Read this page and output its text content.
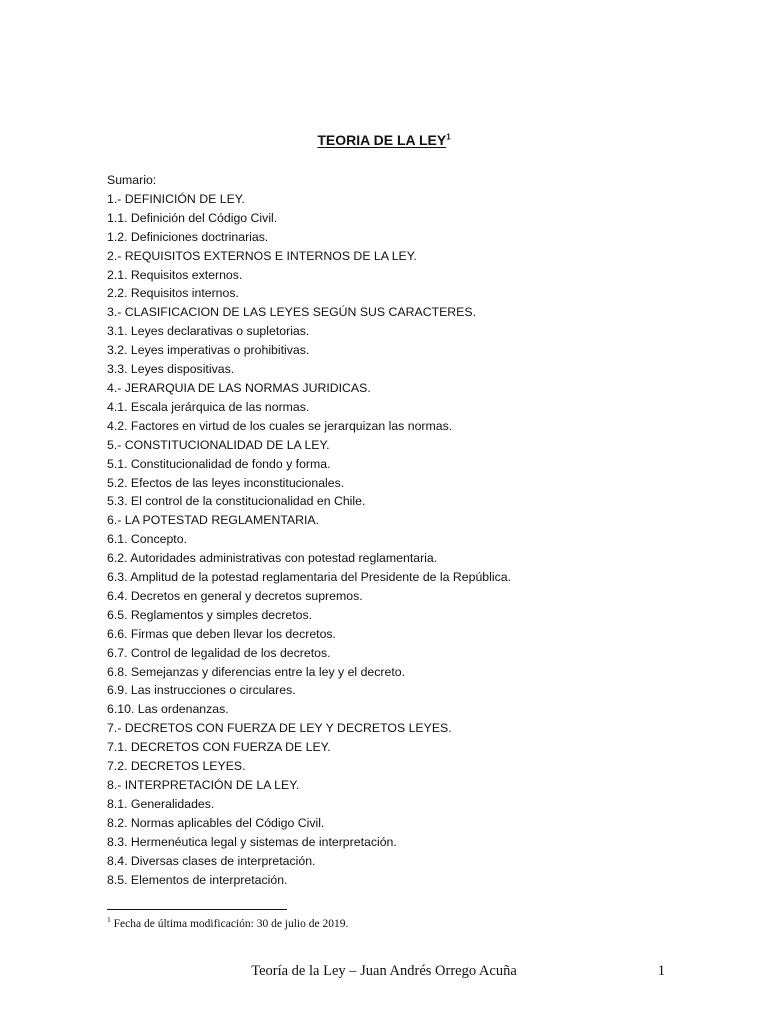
TEORIA DE LA LEY$^1$
Sumario:
1.- DEFINICIÓN DE LEY.
1.1. Definición del Código Civil.
1.2. Definiciones doctrinarias.
2.- REQUISITOS EXTERNOS E INTERNOS DE LA LEY.
2.1. Requisitos externos.
2.2. Requisitos internos.
3.- CLASIFICACION DE LAS LEYES SEGÚN SUS CARACTERES.
3.1. Leyes declarativas o supletorias.
3.2. Leyes imperativas o prohibitivas.
3.3. Leyes dispositivas.
4.- JERARQUIA DE LAS NORMAS JURIDICAS.
4.1. Escala jerárquica de las normas.
4.2. Factores en virtud de los cuales se jerarquizan las normas.
5.- CONSTITUCIONALIDAD DE LA LEY.
5.1. Constitucionalidad de fondo y forma.
5.2. Efectos de las leyes inconstitucionales.
5.3. El control de la constitucionalidad en Chile.
6.- LA POTESTAD REGLAMENTARIA.
6.1. Concepto.
6.2. Autoridades administrativas con potestad reglamentaria.
6.3. Amplitud de la potestad reglamentaria del Presidente de la República.
6.4. Decretos en general y decretos supremos.
6.5. Reglamentos y simples decretos.
6.6. Firmas que deben llevar los decretos.
6.7. Control de legalidad de los decretos.
6.8. Semejanzas y diferencias entre la ley y el decreto.
6.9. Las instrucciones o circulares.
6.10. Las ordenanzas.
7.- DECRETOS CON FUERZA DE LEY Y DECRETOS LEYES.
7.1. DECRETOS CON FUERZA DE LEY.
7.2. DECRETOS LEYES.
8.- INTERPRETACIÓN DE LA LEY.
8.1. Generalidades.
8.2. Normas aplicables del Código Civil.
8.3. Hermenéutica legal y sistemas de interpretación.
8.4. Diversas clases de interpretación.
8.5. Elementos de interpretación.
$^1$ Fecha de última modificación: 30 de julio de 2019.
Teoría de la Ley – Juan Andrés Orrego Acuña	1
